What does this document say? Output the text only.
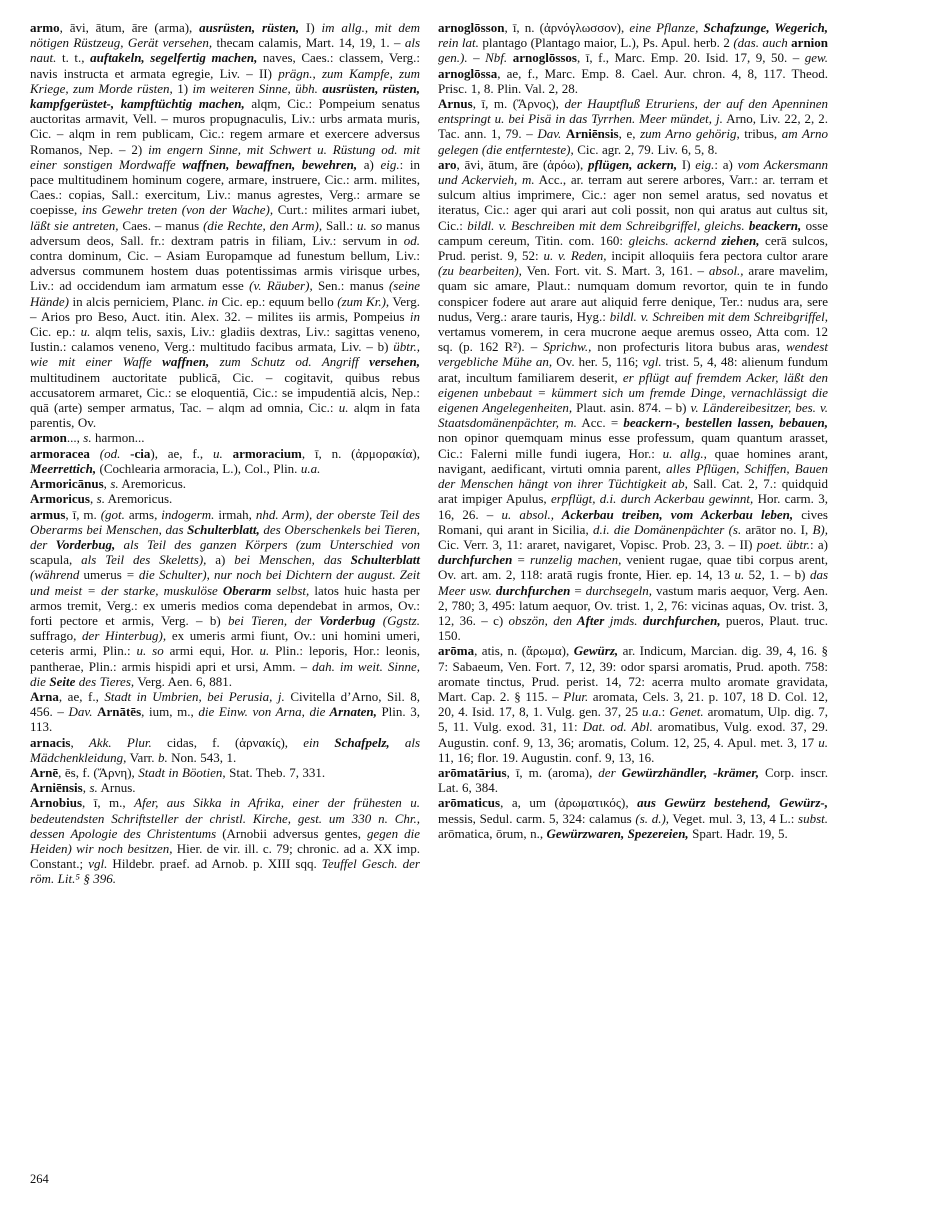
armo, āvi, ātum, āre (arma), ausrüsten, rüsten, I) im allg., mit dem nötigen Rüstzeug, Gerät versehen, thecam calamis, Mart. 14, 19, 1. – als naut. t. t., auftakeln, segelfertig machen, naves, Caes.: classem, Verg.: navis instructa et armata egregie, Liv. – II) prägn., zum Kampfe, zum Kriege, zum Morde rüsten, 1) im weiteren Sinne, übh. ausrüsten, rüsten, kampfgerüstet-, kampftüchtig machen, alqm, Cic.: Pompeium senatus auctoritas armavit, Vell. – muros propugnaculis, Liv.: urbs armata muris, Cic. – alqm in rem publicam, Cic.: regem armare et exercere adversus Romanos, Nep. – 2) im engern Sinne, mit Schwert u. Rüstung od. mit einer sonstigen Mordwaffe waffnen, bewaffnen, bewehren, a) eig.: in pace multitudinem hominum cogere, armare, instruere, Cic.: arm. milites, Caes.: copias, Sall.: exercitum, Liv.: manus agrestes, Verg.: armare se coepisse, ins Gewehr treten (von der Wache), Curt.: milites armari iubet, läßt sie antreten, Caes. – manus (die Rechte, den Arm), Sall.: u. so manus adversum deos, Sall. fr.: dextram patris in filiam, Liv.: servum in od. contra dominum, Cic. – Asiam Europamque ad funestum bellum, Liv.: adversus communem hostem duas potentissimas armis virisque urbes, Liv.: ad occidendum iam armatum esse (v. Räuber), Sen.: manus (seine Hände) in alcis perniciem, Planc. in Cic. ep.: equum bello (zum Kr.), Verg. – Arios pro Beso, Auct. itin. Alex. 32. – milites iis armis, Pompeius in Cic. ep.: u. alqm telis, saxis, Liv.: gladiis dextras, Liv.: sagittas veneno, Iustin.: calamos veneno, Verg.: multitudo facibus armata, Liv. – b) übtr., wie mit einer Waffe waffnen, zum Schutz od. Angriff versehen, multitudinem auctoritate publicā, Cic. – cogitavit, quibus rebus accusatorem armaret, Cic.: se eloquentiā, Cic.: se impudentiā alcis, Nep.: quā (arte) semper armatus, Tac. – alqm ad omnia, Cic.: u. alqm in fata parentis, Ov.

armon..., s. harmon...

armoracea (od. -cia), ae, f., u. armoracium, ī, n. (ἀρμορακία), Meerrettich, (Cochlearia armoracia, L.), Col., Plin. u.a.

Armoricānus, s. Aremoricus.

Armoricus, s. Aremoricus.

armus, ī, m. (got. arms, indogerm. irmah, nhd. Arm), der oberste Teil des Oberarms bei Menschen, das Schulterblatt, des Oberschenkels bei Tieren, der Vorderbug, als Teil des ganzen Körpers (zum Unterschied von scapula, als Teil des Skeletts), a) bei Menschen, das Schulterblatt (während umerus = die Schulter), nur noch bei Dichtern der august. Zeit und meist = der starke, muskulöse Oberarm selbst, latos huic hasta per armos tremit, Verg.: ex umeris medios coma dependebat in armos, Ov.: forti pectore et armis, Verg. – b) bei Tieren, der Vorderbug (Ggstz. suffrago, der Hinterbug), ex umeris armi fiunt, Ov.: uni homini umeri, ceteris armi, Plin.: u. so armi equi, Hor. u. Plin.: leporis, Hor.: leonis, pantherae, Plin.: armis hispidi apri et ursi, Amm. – dah. im weit. Sinne, die Seite des Tieres, Verg. Aen. 6, 881.

Arna, ae, f., Stadt in Umbrien, bei Perusia, j. Civitella d’Arno, Sil. 8, 456. – Dav. Arnātēs, ium, m., die Einw. von Arna, die Arnaten, Plin. 3, 113.

arnacis, Akk. Plur. cidas, f. (ἀρνακίς), ein Schafpelz, als Mädchenkleidung, Varr. b. Non. 543, 1.

Arnē, ēs, f. (Ἄρνη), Stadt in Böotien, Stat. Theb. 7, 331.

Arniēnsis, s. Arnus.

Arnobius, ī, m., Afer, aus Sikka in Afrika, einer der frühesten u. bedeutendsten Schriftsteller der christl. Kirche, gest. um 330 n. Chr., dessen Apologie des Christentums (Arnobii adversus gentes, gegen die Heiden) wir noch besitzen, Hier. de vir. ill. c. 79; chronic. ad a. XX imp. Constant.; vgl. Hildebr. praef. ad Arnob. p. XIII sqq. Teuffel Gesch. der röm. Lit.⁵ § 396.

arnoglōsson, ī, n. (ἀρνόγλωσσον), eine Pflanze, Schafzunge, Wegerich, rein lat. plantago (Plantago maior, L.), Ps. Apul. herb. 2 (das. auch arnion gen.). – Nbf. arnoglōssos, ī, f., Marc. Emp. 20. Isid. 17, 9, 50. – gew. arnoglōssa, ae, f., Marc. Emp. 8. Cael. Aur. chron. 4, 8, 117. Theod. Prisc. 1, 8. Plin. Val. 2, 28.

Arnus, ī, m. (Ἄρνος), der Hauptfluß Etruriens, der auf den Apenninen entspringt u. bei Pisä in das Tyrrhen. Meer mündet, j. Arno, Liv. 22, 2, 2. Tac. ann. 1, 79. – Dav. Arniēnsis, e, zum Arno gehörig, tribus, am Arno gelegen (die entfernteste), Cic. agr. 2, 79. Liv. 6, 5, 8.

aro, āvi, ātum, āre (ἀρόω), pflügen, ackern, I) eig.: a) vom Ackersmann und Ackervieh, m. Acc., ar. terram aut serere arbores, Varr.: ar. terram et sulcum altius imprimere, Cic.: ager non semel aratus, sed novatus et iteratus, Cic.: ager qui arari aut coli possit, non qui aratus aut cultus sit, Cic.: bildl. v. Beschreiben mit dem Schreibgriffel, gleichs. beackern, osse campum cereum, Titin. com. 160: gleichs. ackernd ziehen, cerā sulcos, Prud. perist. 9, 52: u. v. Reden, incipit alloquiis fera pectora cultor arare (zu bearbeiten), Ven. Fort. vit. S. Mart. 3, 161. – absol., arare mavelim, quam sic amare, Plaut.: numquam domum revortor, quin te in fundo conspicer fodere aut arare aut aliquid ferre denique, Ter.: nudus ara, sere nudus, Verg.: arare tauris, Hyg.: bildl. v. Schreiben mit dem Schreibgriffel, vertamus vomerem, in cera mucrone aeque aremus osseo, Atta com. 12 sq. (p. 162 R²). – Sprichw., non profecturis litora bubus aras, wendest vergebliche Mühe an, Ov. her. 5, 116; vgl. trist. 5, 4, 48: alienum fundum arat, incultum familiarem deserit, er pflügt auf fremdem Acker, läßt den eigenen unbebaut = kümmert sich um fremde Dinge, vernachlässigt die eigenen Angelegenheiten, Plaut. asin. 874. – b) v. Ländereibesitzer, bes. v. Staatsdomänenpächter, m. Acc. = beackern-, bestellen lassen, bebauen, non opinor quemquam minus esse professum, quam quantum arasset, Cic.: Falerni mille fundi iugera, Hor.: u. allg., quae homines arant, navigant, aedificant, virtuti omnia parent, alles Pflügen, Schiffen, Bauen der Menschen hängt von ihrer Tüchtigkeit ab, Sall. Cat. 2, 7.: quidquid arat impiger Apulus, erpflügt, d.i. durch Ackerbau gewinnt, Hor. carm. 3, 16, 26. – u. absol., Ackerbau treiben, vom Ackerbau leben, cives Romani, qui arant in Sicilia, d.i. die Domänenpächter (s. arātor no. I, B), Cic. Verr. 3, 11: araret, navigaret, Vopisc. Prob. 23, 3. – II) poet. übtr.: a) durchfurchen = runzelig machen, venient rugae, quae tibi corpus arent, Ov. art. am. 2, 118: aratā rugis fronte, Hier. ep. 14, 13 u. 52, 1. – b) das Meer usw. durchfurchen = durchsegeln, vastum maris aequor, Verg. Aen. 2, 780; 3, 495: latum aequor, Ov. trist. 1, 2, 76: vicinas aquas, Ov. trist. 3, 12, 36. – c) obszön, den After jmds. durchfurchen, pueros, Plaut. truc. 150.

arōma, atis, n. (ἄρωμα), Gewürz, ar. Indicum, Marcian. dig. 39, 4, 16. § 7: Sabaeum, Ven. Fort. 7, 12, 39: odor sparsi aromatis, Prud. apoth. 758: aromate tinctus, Prud. perist. 14, 72: acerra multo aromate gravidata, Mart. Cap. 2. § 115. – Plur. aromata, Cels. 3, 21. p. 107, 18 D. Col. 12, 20, 4. Isid. 17, 8, 1. Vulg. gen. 37, 25 u.a.: Genet. aromatum, Ulp. dig. 7, 5, 11. Vulg. exod. 31, 11: Dat. od. Abl. aromatibus, Vulg. exod. 37, 29. Augustin. conf. 9, 13, 36; aromatis, Colum. 12, 25, 4. Apul. met. 3, 17 u. 11, 16; flor. 19. Augustin. conf. 9, 13, 16.

arōmatārius, ī, m. (aroma), der Gewürzhändler, -krämer, Corp. inscr. Lat. 6, 384.

arōmaticus, a, um (ἀρωματικός), aus Gewürz bestehend, Gewürz-, messis, Sedul. carm. 5, 324: calamus (s. d.), Veget. mul. 3, 13, 4 L.: subst. arōmatica, ōrum, n., Gewürzwaren, Spezereien, Spart. Hadr. 19, 5.

264
